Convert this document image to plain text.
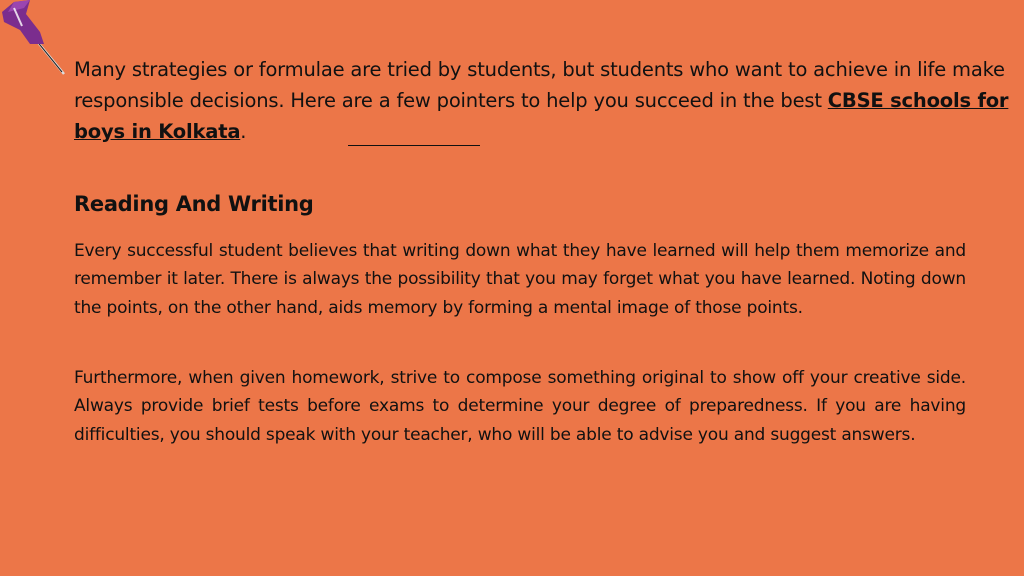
Many strategies or formulae are tried by students, but students who want to achieve in life make responsible decisions. Here are a few pointers to help you succeed in the best CBSE schools for boys in Kolkata.
Reading And Writing
Every successful student believes that writing down what they have learned will help them memorize and remember it later. There is always the possibility that you may forget what you have learned. Noting down the points, on the other hand, aids memory by forming a mental image of those points.
Furthermore, when given homework, strive to compose something original to show off your creative side. Always provide brief tests before exams to determine your degree of preparedness. If you are having difficulties, you should speak with your teacher, who will be able to advise you and suggest answers.
